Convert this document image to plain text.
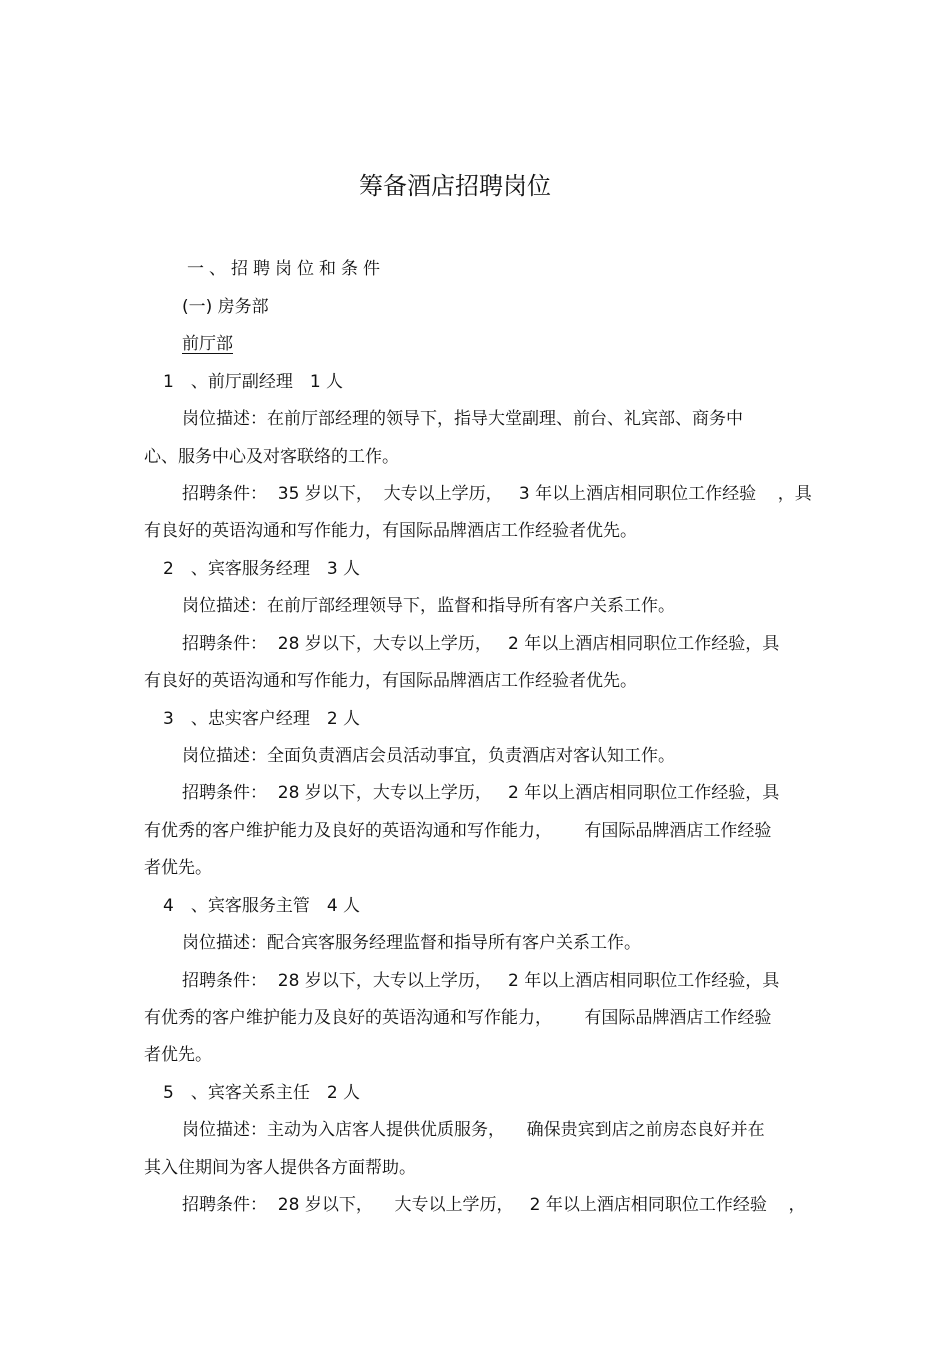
筹备酒店招聘岗位
一、招聘岗位和条件
(一) 房务部
前厅部
1　、前厅副经理　1 人
岗位描述：在前厅部经理的领导下，指导大堂副理、前台、礼宾部、商务中
心、服务中心及对客联络的工作。
招聘条件：  35 岁以下，  大专以上学历，   3 年以上酒店相同职位工作经验    ，具
有良好的英语沟通和写作能力，有国际品牌酒店工作经验者优先。
2　、宾客服务经理　3 人
岗位描述：在前厅部经理领导下，监督和指导所有客户关系工作。
招聘条件：  28 岁以下，大专以上学历，   2 年以上酒店相同职位工作经验，具
有良好的英语沟通和写作能力，有国际品牌酒店工作经验者优先。
3　、忠实客户经理　2 人
岗位描述：全面负责酒店会员活动事宜，负责酒店对客认知工作。
招聘条件：  28 岁以下，大专以上学历，   2 年以上酒店相同职位工作经验，具
有优秀的客户维护能力及良好的英语沟通和写作能力，      有国际品牌酒店工作经验
者优先。
4　、宾客服务主管　4 人
岗位描述：配合宾客服务经理监督和指导所有客户关系工作。
招聘条件：  28 岁以下，大专以上学历，   2 年以上酒店相同职位工作经验，具
有优秀的客户维护能力及良好的英语沟通和写作能力，      有国际品牌酒店工作经验
者优先。
5　、宾客关系主任　2 人
岗位描述：主动为入店客人提供优质服务，    确保贵宾到店之前房态良好并在
其入住期间为客人提供各方面帮助。
招聘条件：  28 岁以下，    大专以上学历，   2 年以上酒店相同职位工作经验    ，
